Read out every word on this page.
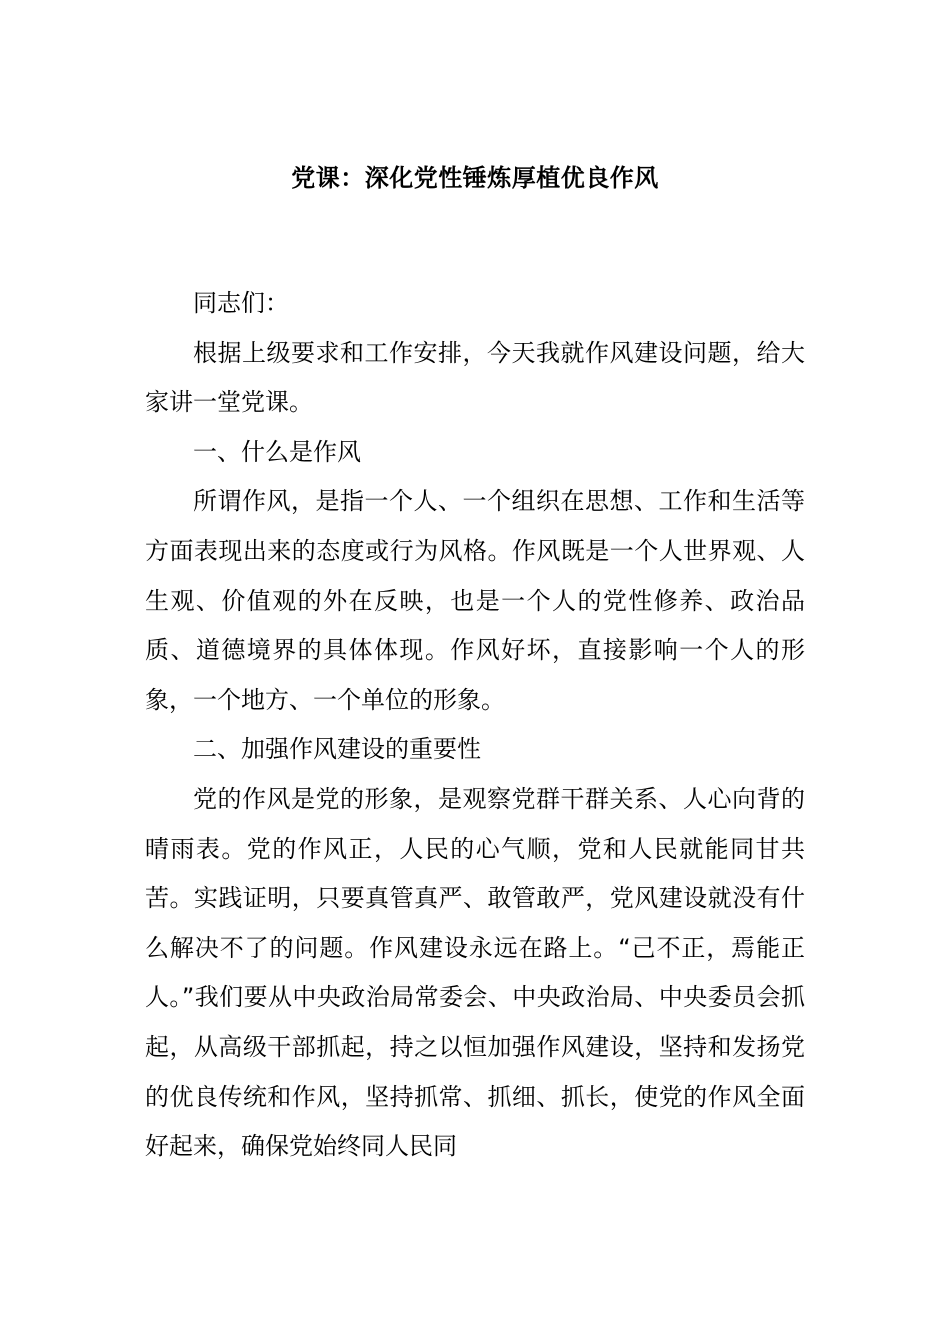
党课：深化党性锤炼厚植优良作风

同志们：

根据上级要求和工作安排，今天我就作风建设问题，给大家讲一堂党课。

一、什么是作风

所谓作风，是指一个人、一个组织在思想、工作和生活等方面表现出来的态度或行为风格。作风既是一个人世界观、人生观、价值观的外在反映，也是一个人的党性修养、政治品质、道德境界的具体体现。作风好坏，直接影响一个人的形象，一个地方、一个单位的形象。

二、加强作风建设的重要性

党的作风是党的形象，是观察党群干群关系、人心向背的晴雨表。党的作风正，人民的心气顺，党和人民就能同甘共苦。实践证明，只要真管真严、敢管敢严，党风建设就没有什么解决不了的问题。作风建设永远在路上。“己不正，焉能正人。”我们要从中央政治局常委会、中央政治局、中央委员会抓起，从高级干部抓起，持之以恒加强作风建设，坚持和发扬党的优良传统和作风，坚持抓常、抓细、抓长，使党的作风全面好起来，确保党始终同人民同
